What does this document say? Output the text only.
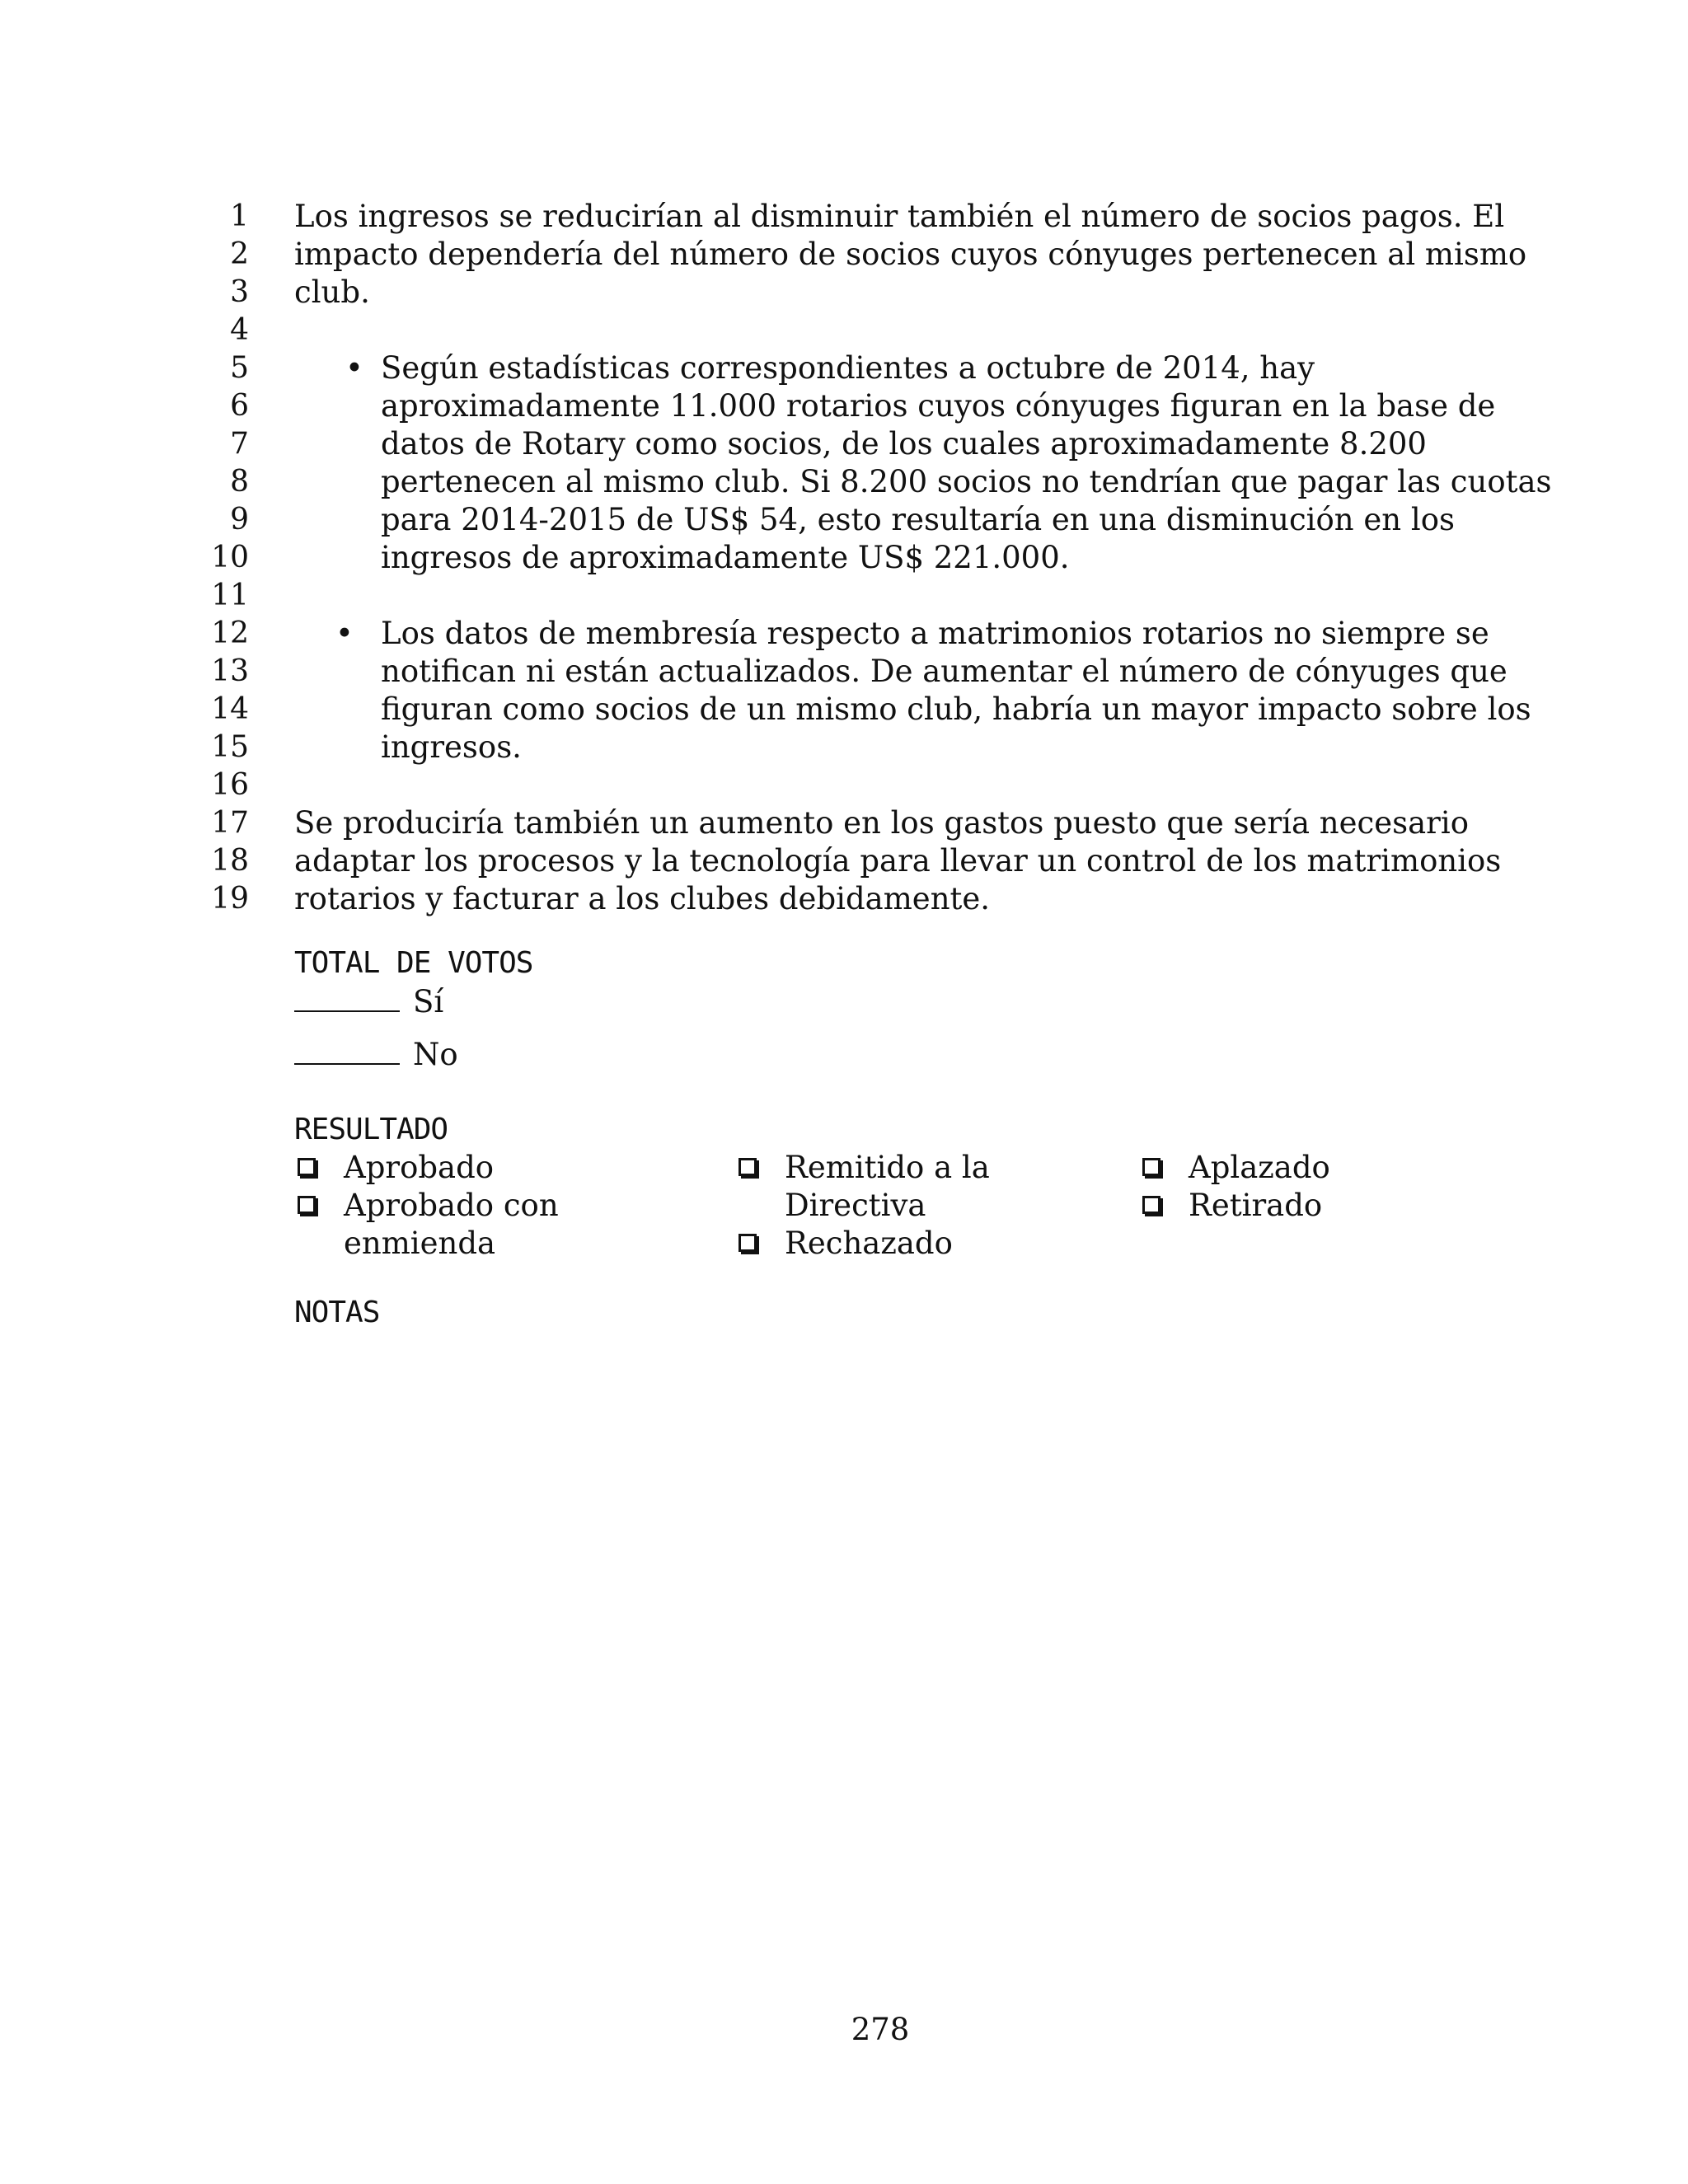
1
2
3
4
5
6
7
8
9
10
11
12
13
14
15
16
17
18
19
Los ingresos se reducirían al disminuir también el número de socios pagos. El
impacto dependería del número de socios cuyos cónyuges pertenecen al mismo
club.
• Según estadísticas correspondientes a octubre de 2014, hay
aproximadamente 11.000 rotarios cuyos cónyuges figuran en la base de
datos de Rotary como socios, de los cuales aproximadamente 8.200
pertenecen al mismo club. Si 8.200 socios no tendrían que pagar las cuotas
para 2014-2015 de US$ 54, esto resultaría en una disminución en los
ingresos de aproximadamente US$ 221.000.
• Los datos de membresía respecto a matrimonios rotarios no siempre se
notifican ni están actualizados. De aumentar el número de cónyuges que
figuran como socios de un mismo club, habría un mayor impacto sobre los
ingresos.
Se produciría también un aumento en los gastos puesto que sería necesario
adaptar los procesos y la tecnología para llevar un control de los matrimonios
rotarios y facturar a los clubes debidamente.
TOTAL DE VOTOS
Sí
No
RESULTADO
Aprobado
Aprobado con
enmienda
Remitido a la
Directiva
Rechazado
Aplazado
Retirado
NOTAS
278
